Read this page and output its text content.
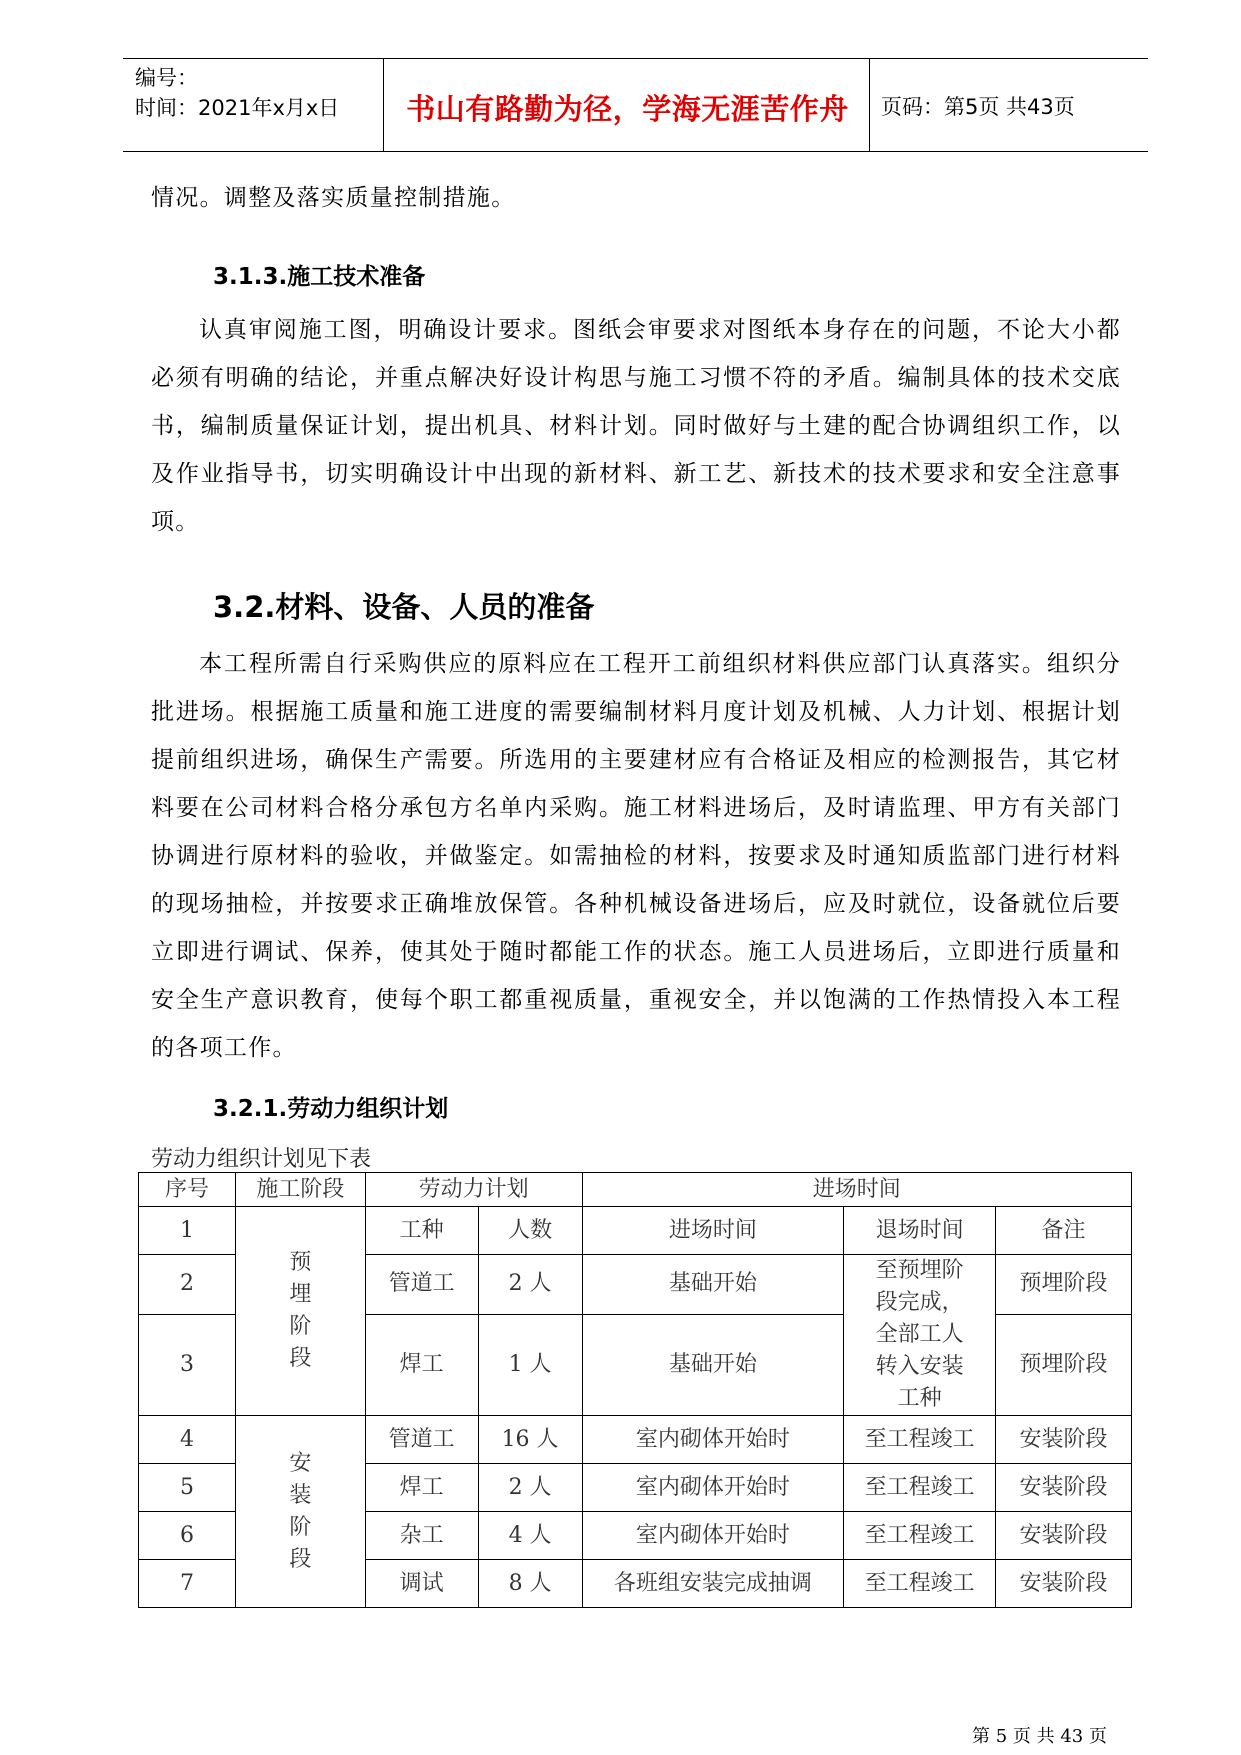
编号：
时间：2021年x月x日	书山有路勤为径，学海无涯苦作舟	页码：第5页 共43页
情况。调整及落实质量控制措施。
3.1.3.施工技术准备
认真审阅施工图，明确设计要求。图纸会审要求对图纸本身存在的问题，不论大小都必须有明确的结论，并重点解决好设计构思与施工习惯不符的矛盾。编制具体的技术交底书，编制质量保证计划，提出机具、材料计划。同时做好与土建的配合协调组织工作，以及作业指导书，切实明确设计中出现的新材料、新工艺、新技术的技术要求和安全注意事项。
3.2.材料、设备、人员的准备
本工程所需自行采购供应的原料应在工程开工前组织材料供应部门认真落实。组织分批进场。根据施工质量和施工进度的需要编制材料月度计划及机械、人力计划、根据计划提前组织进场，确保生产需要。所选用的主要建材应有合格证及相应的检测报告，其它材料要在公司材料合格分承包方名单内采购。施工材料进场后，及时请监理、甲方有关部门协调进行原材料的验收，并做鉴定。如需抽检的材料，按要求及时通知质监部门进行材料的现场抽检，并按要求正确堆放保管。各种机械设备进场后，应及时就位，设备就位后要立即进行调试、保养，使其处于随时都能工作的状态。施工人员进场后，立即进行质量和安全生产意识教育，使每个职工都重视质量，重视安全，并以饱满的工作热情投入本工程的各项工作。
3.2.1.劳动力组织计划
劳动力组织计划见下表
序号	施工阶段	劳动力计划		进场时间		
1	预埋阶段	工种	人数	进场时间	退场时间	备注
2		管道工	2 人	基础开始	至预埋阶段完成，全部工人转入安装工种	预埋阶段
3		焊工	1 人	基础开始		预埋阶段
4	安装阶段	管道工	16 人	室内砌体开始时	至工程竣工	安装阶段
5		焊工	2 人	室内砌体开始时	至工程竣工	安装阶段
6		杂工	4 人	室内砌体开始时	至工程竣工	安装阶段
7		调试	8 人	各班组安装完成抽调	至工程竣工	安装阶段
第 5 页 共 43 页
